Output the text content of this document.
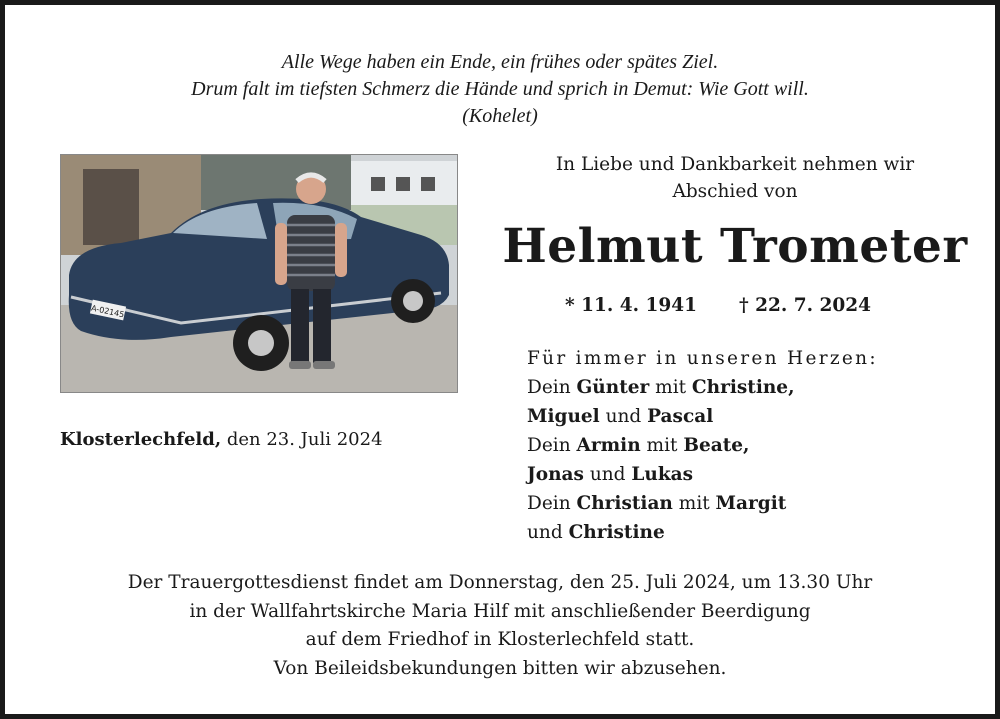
Alle Wege haben ein Ende, ein frühes oder spätes Ziel.
Drum falt im tiefsten Schmerz die Hände und sprich in Demut: Wie Gott will.
(Kohelet)
A-02145
Klosterlechfeld, den 23. Juli 2024
In Liebe und Dankbarkeit nehmen wir
Abschied von
Helmut Trometer
* 11. 4. 1941 † 22. 7. 2024
Für immer in unseren Herzen:
Dein Günter mit Christine,
Miguel und Pascal
Dein Armin mit Beate,
Jonas und Lukas
Dein Christian mit Margit
und Christine
Der Trauergottesdienst findet am Donnerstag, den 25. Juli 2024, um 13.30 Uhr
in der Wallfahrtskirche Maria Hilf mit anschließender Beerdigung
auf dem Friedhof in Klosterlechfeld statt.
Von Beileidsbekundungen bitten wir abzusehen.
